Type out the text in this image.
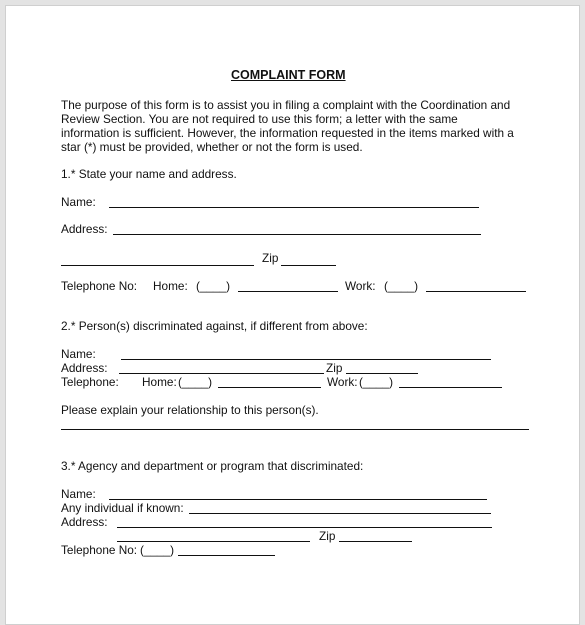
COMPLAINT FORM
The purpose of this form is to assist you in filing a complaint with the Coordination and
Review Section. You are not required to use this form; a letter with the same
information is sufficient. However, the information requested in the items marked with a
star (*) must be provided, whether or not the form is used.
1.* State your name and address.
Name:
Address:
Zip
Telephone No: Home: (____)	Work: (____)
2.* Person(s) discriminated against, if different from above:
Name:
Address:	Zip
Telephone: Home: (____)	Work: (____)
Please explain your relationship to this person(s).
3.* Agency and department or program that discriminated:
Name:
Any individual if known:
Address:
Zip
Telephone No: (____)
